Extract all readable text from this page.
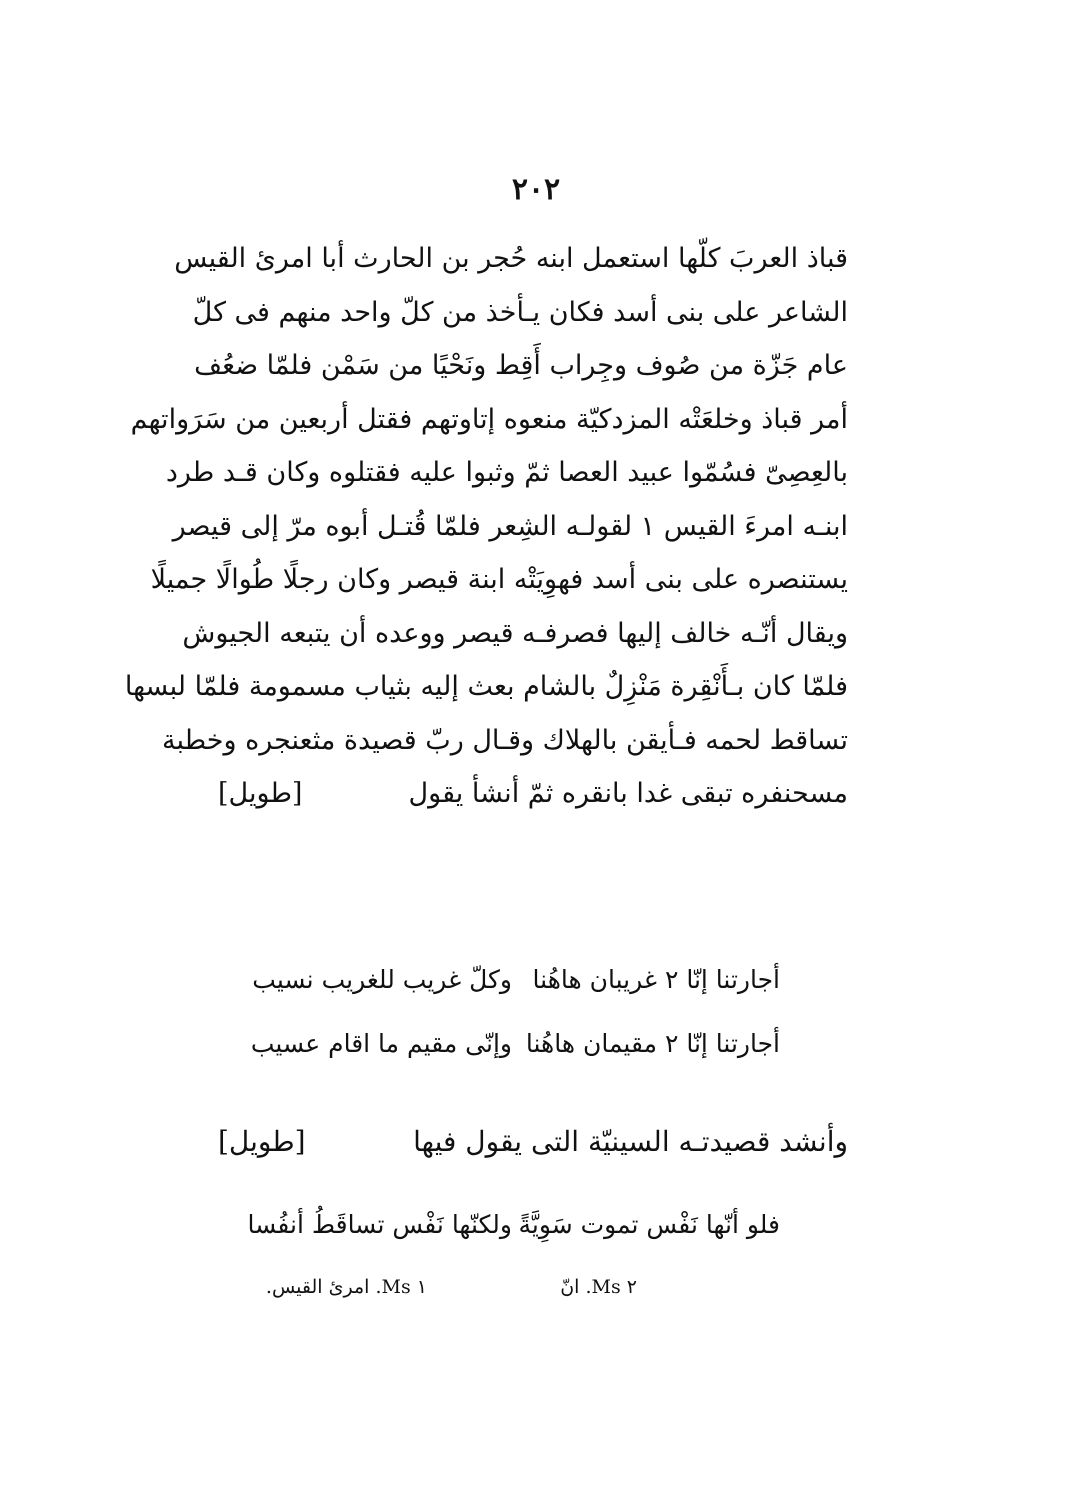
٢٠٢
قباذ العربَ كلّها استعمل ابنه حُجر بن الحارث أبا امرئ القيس
الشاعر على بنى أسد فكان يـأخذ من كلّ واحد منهم فى كلّ
عام جَزّة من صُوف وجِراب أَقِط ونَحْيًا من سَمْن فلمّا ضعُف
أمر قباذ وخلعَتْه المزدكيّة منعوه إتاوتهم فقتل أربعين من سَرَواتهم
بالعِصِىّ فسُمّوا عبيد العصا ثمّ وثبوا عليه فقتلوه وكان قـد طرد
ابنـه امرءَ القيس ١ لقولـه الشِعر فلمّا قُتـل أبوه مرّ إلى قيصر
يستنصره على بنى أسد فهوِيَتْه ابنة قيصر وكان رجلًا طُوالًا جميلًا
ويقال أنّـه خالف إليها فصرفـه قيصر ووعده أن يتبعه الجيوش
فلمّا كان بـأَنْقِرة مَنْزِلٌ بالشام بعث إليه بثياب مسمومة فلمّا لبسها
تساقط لحمه فـأيقن بالهلاك وقـال ربّ قصيدة مثعنجره وخطبة
مسحنفره تبقى غدا بانقره ثمّ أنشأ يقول
[طويل]
أجارتنا إنّا ٢ غريبان هاهُنا
وكلّ غريب للغريب نسيب
أجارتنا إنّا ٢ مقيمان هاهُنا
وإنّى مقيم ما اقام عسيب
وأنشد قصيدتـه السينيّة التى يقول فيها
[طويل]
فلو أنّها نَفْس تموت سَوِيَّةً
ولكنّها نَفْس تساقَطُ أنفُسا
٢ Ms. انّ
١ Ms. امرئ القيس.
